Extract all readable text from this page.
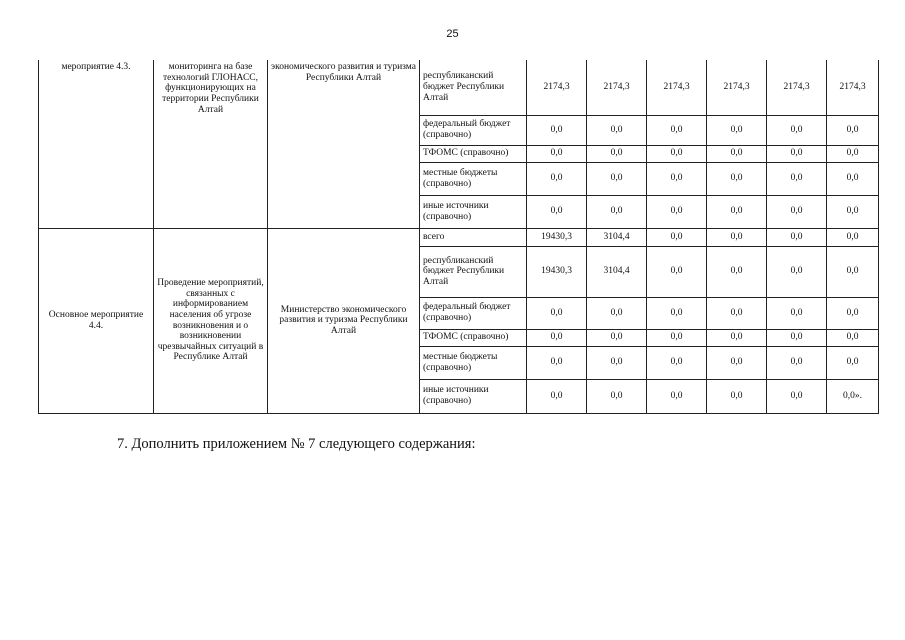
25
мероприятие 4.3.	мониторинга на базе технологий ГЛОНАСС, функционирующих на территории Республики Алтай	экономического развития и туризма Республики Алтай	республиканский бюджет Республики Алтай	2174,3	2174,3	2174,3	2174,3	2174,3	2174,3
			федеральный бюджет (справочно)	0,0	0,0	0,0	0,0	0,0	0,0
			ТФОМС (справочно)	0,0	0,0	0,0	0,0	0,0	0,0
			местные бюджеты (справочно)	0,0	0,0	0,0	0,0	0,0	0,0
			иные источники (справочно)	0,0	0,0	0,0	0,0	0,0	0,0
Основное мероприятие 4.4.	Проведение мероприятий, связанных с информированием населения об угрозе возникновения и о возникновении чрезвычайных ситуаций в Республике Алтай	Министерство экономического развития и туризма Республики Алтай	всего	19430,3	3104,4	0,0	0,0	0,0	0,0
			республиканский бюджет Республики Алтай	19430,3	3104,4	0,0	0,0	0,0	0,0
			федеральный бюджет (справочно)	0,0	0,0	0,0	0,0	0,0	0,0
			ТФОМС (справочно)	0,0	0,0	0,0	0,0	0,0	0,0
			местные бюджеты (справочно)	0,0	0,0	0,0	0,0	0,0	0,0
			иные источники (справочно)	0,0	0,0	0,0	0,0	0,0	0,0».
7. Дополнить приложением № 7 следующего содержания:
